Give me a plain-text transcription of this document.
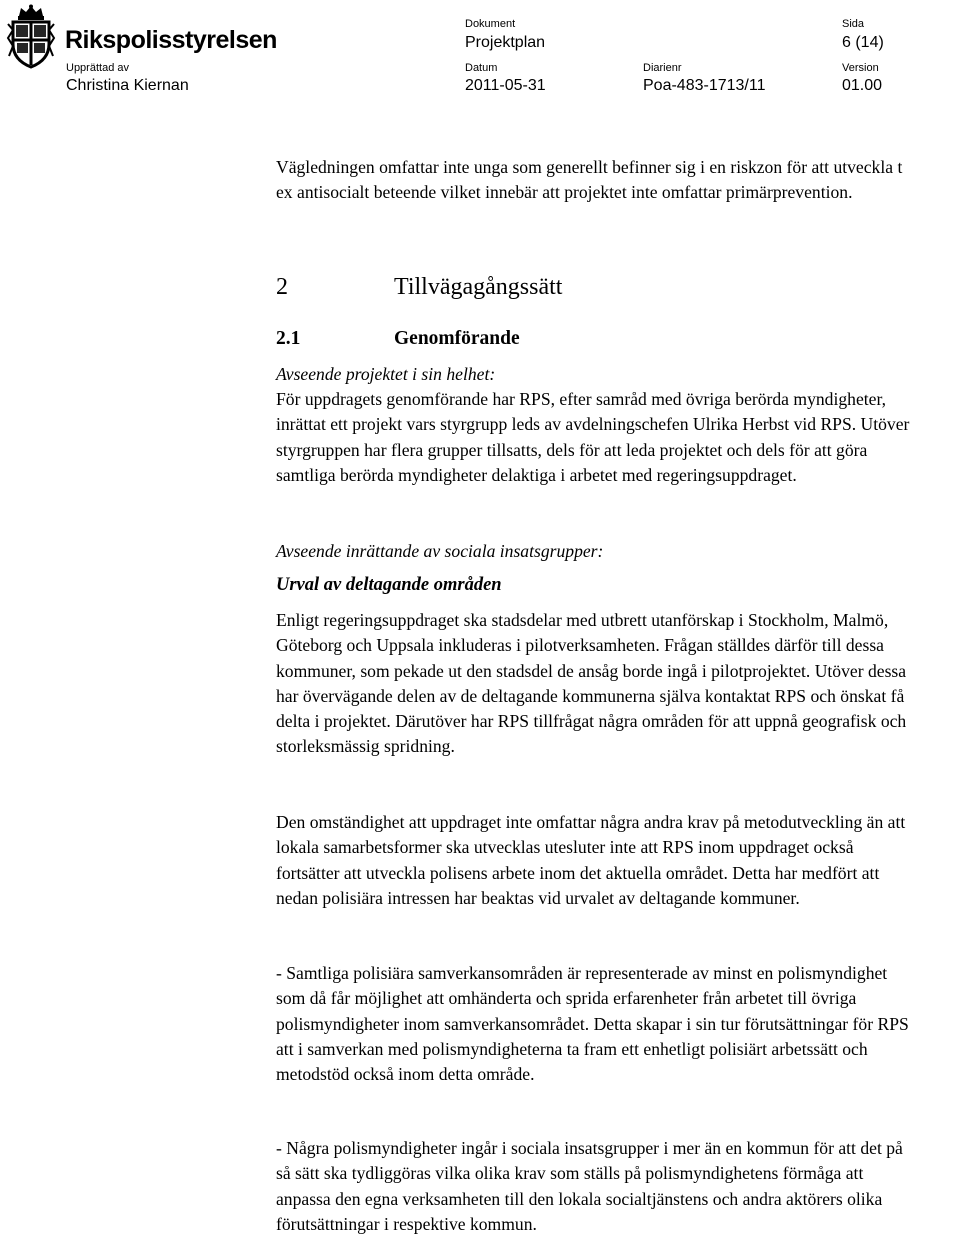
Rikspolisstyrelsen
Dokument
Projektplan
Sida
6 (14)
Upprättad av
Christina Kiernan
Datum
2011-05-31
Diarienr
Poa-483-1713/11
Version
01.00

Vägledningen omfattar inte unga som generellt befinner sig i en riskzon för att utveckla t ex antisocialt beteende vilket innebär att projektet inte omfattar primärprevention.

2	Tillvägagångssätt
2.1	Genomförande
Avseende projektet i sin helhet:

För uppdragets genomförande har RPS, efter samråd med övriga berörda myndigheter, inrättat ett projekt vars styrgrupp leds av avdelningschefen Ulrika Herbst vid RPS. Utöver styrgruppen har flera grupper tillsatts, dels för att leda projektet och dels för att göra samtliga berörda myndigheter delaktiga i arbetet med regeringsuppdraget.

Avseende inrättande av sociala insatsgrupper:
Urval av deltagande områden

Enligt regeringsuppdraget ska stadsdelar med utbrett utanförskap i Stockholm, Malmö, Göteborg och Uppsala inkluderas i pilotverksamheten. Frågan ställdes därför till dessa kommuner, som pekade ut den stadsdel de ansåg borde ingå i pilotprojektet. Utöver dessa har övervägande delen av de deltagande kommunerna själva kontaktat RPS och önskat få delta i projektet. Därutöver har RPS tillfrågat några områden för att uppnå geografisk och storleksmässig spridning.

Den omständighet att uppdraget inte omfattar några andra krav på metodutveckling än att lokala samarbetsformer ska utvecklas utesluter inte att RPS inom uppdraget också fortsätter att utveckla polisens arbete inom det aktuella området. Detta har medfört att nedan polisiära intressen har beaktas vid urvalet av deltagande kommuner.

- Samtliga polisiära samverkansområden är representerade av minst en polismyndighet som då får möjlighet att omhänderta och sprida erfarenheter från arbetet till övriga polismyndigheter inom samverkansområdet. Detta skapar i sin tur förutsättningar för RPS att i samverkan med polismyndigheterna ta fram ett enhetligt polisiärt arbetssätt och metodstöd också inom detta område.

- Några polismyndigheter ingår i sociala insatsgrupper i mer än en kommun för att det på så sätt ska tydliggöras vilka olika krav som ställs på polismyndighetens förmåga att anpassa den egna verksamheten till den lokala socialtjänstens och andra aktörers olika förutsättningar i respektive kommun.
